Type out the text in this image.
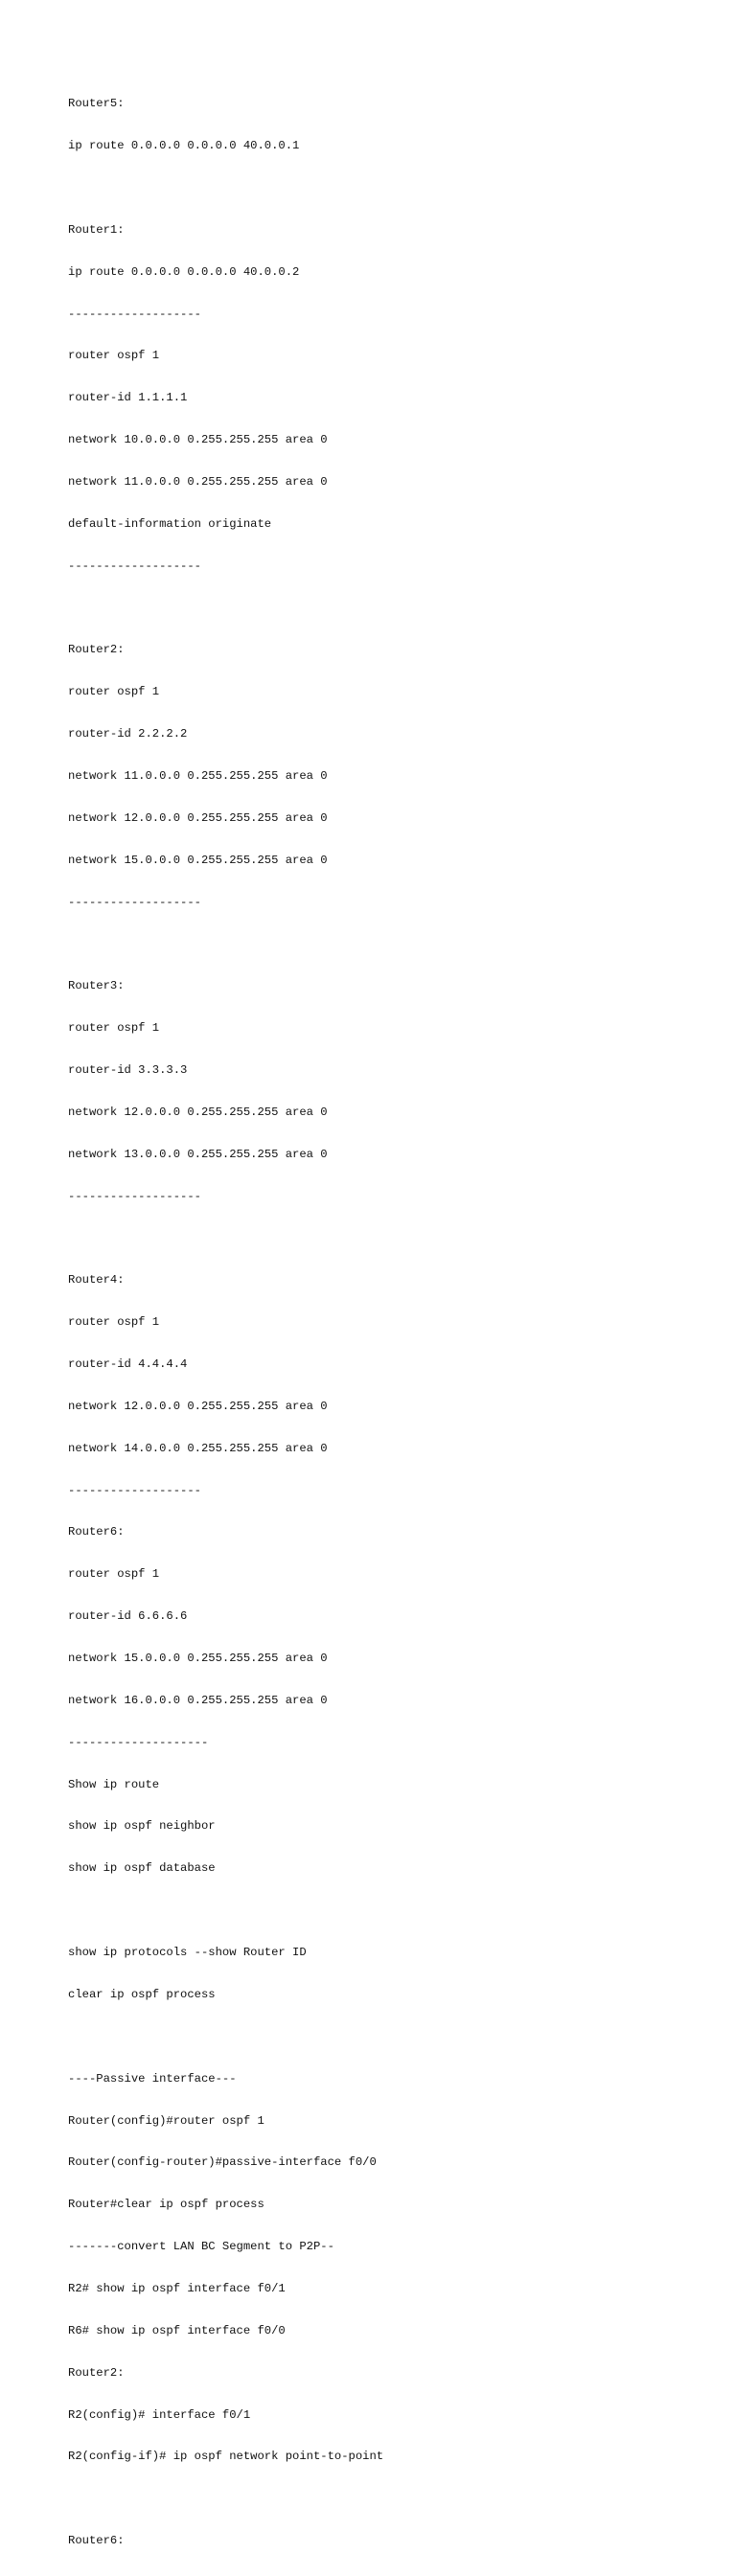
Router5:

ip route 0.0.0.0 0.0.0.0 40.0.0.1

Router1:

ip route 0.0.0.0 0.0.0.0 40.0.0.2

-------------------

router ospf 1

router-id 1.1.1.1

network 10.0.0.0 0.255.255.255 area 0

network 11.0.0.0 0.255.255.255 area 0

default-information originate

-------------------

Router2:

router ospf 1

router-id 2.2.2.2

network 11.0.0.0 0.255.255.255 area 0

network 12.0.0.0 0.255.255.255 area 0

network 15.0.0.0 0.255.255.255 area 0

-------------------

Router3:

router ospf 1

router-id 3.3.3.3

network 12.0.0.0 0.255.255.255 area 0

network 13.0.0.0 0.255.255.255 area 0

-------------------

Router4:

router ospf 1

router-id 4.4.4.4

network 12.0.0.0 0.255.255.255 area 0

network 14.0.0.0 0.255.255.255 area 0

-------------------

Router6:

router ospf 1

router-id 6.6.6.6

network 15.0.0.0 0.255.255.255 area 0

network 16.0.0.0 0.255.255.255 area 0

--------------------

Show ip route

show ip ospf neighbor

show ip ospf database

show ip protocols --show Router ID

clear ip ospf process

----Passive interface---

Router(config)#router ospf 1

Router(config-router)#passive-interface f0/0

Router#clear ip ospf process

-------convert LAN BC Segment to P2P--

R2# show ip ospf interface f0/1

R6# show ip ospf interface f0/0

Router2:

R2(config)# interface f0/1

R2(config-if)# ip ospf network point-to-point

Router6:
